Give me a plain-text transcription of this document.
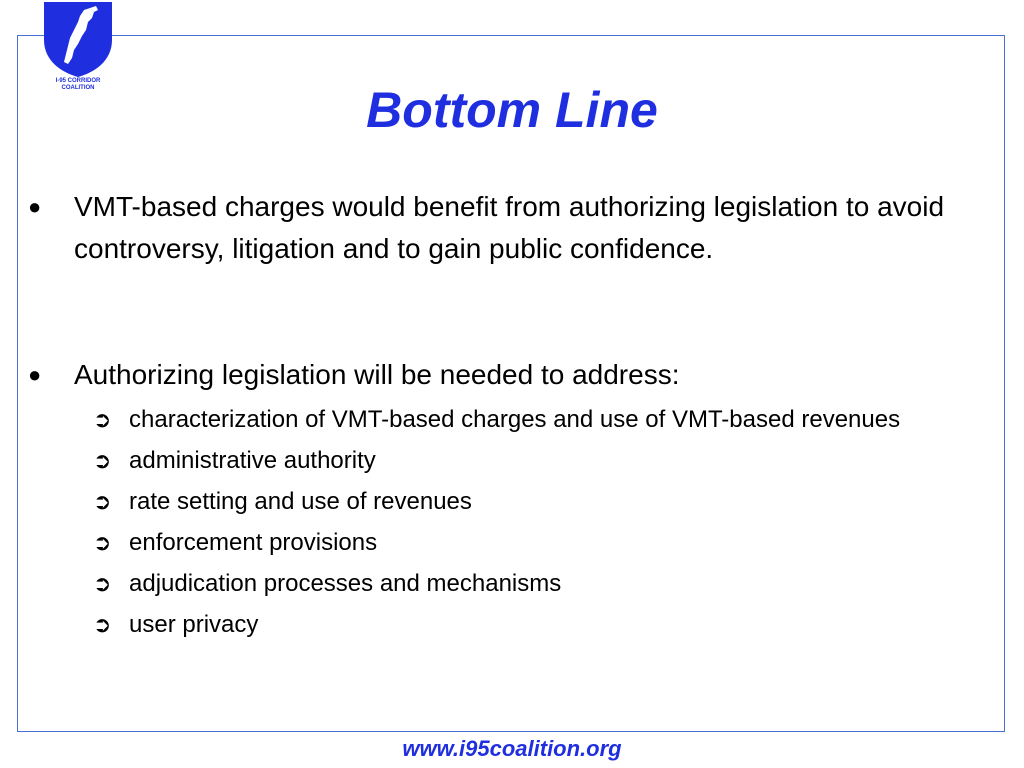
I-95 CORRIDOR
COALITION	Bottom Line
● VMT-based charges would benefit from authorizing legislation to avoid controversy, litigation and to gain public confidence.
● Authorizing legislation will be needed to address:
➲ characterization of VMT-based charges and use of VMT-based revenues
➲ administrative authority
➲ rate setting and use of revenues
➲ enforcement provisions
➲ adjudication processes and mechanisms
➲ user privacy
www.i95coalition.org
